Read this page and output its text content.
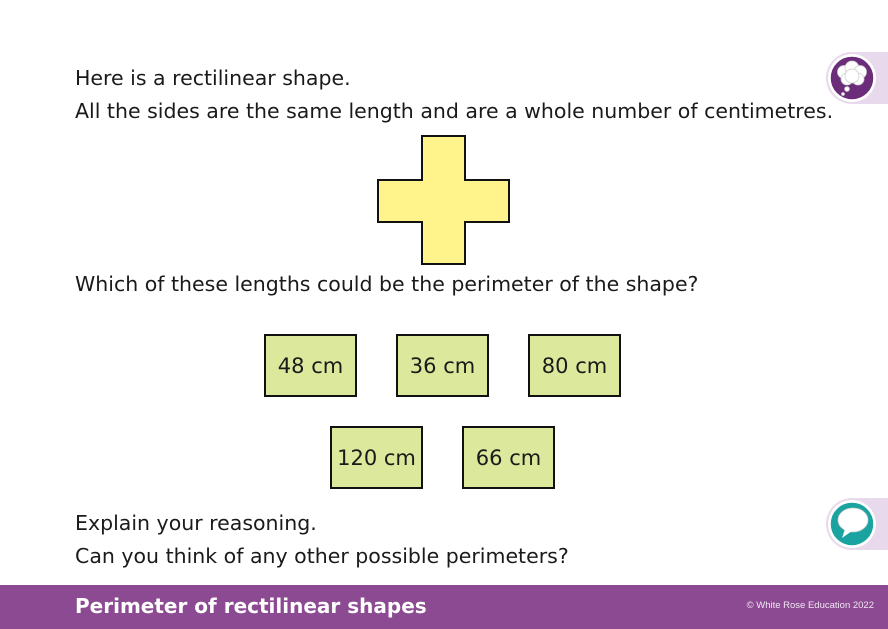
Here is a rectilinear shape.

All the sides are the same length and are a whole number of centimetres.

Which of these lengths could be the perimeter of the shape?

48 cm	36 cm	80 cm
120 cm	66 cm

Explain your reasoning.

Can you think of any other possible perimeters?

Perimeter of rectilinear shapes	© White Rose Education 2022
